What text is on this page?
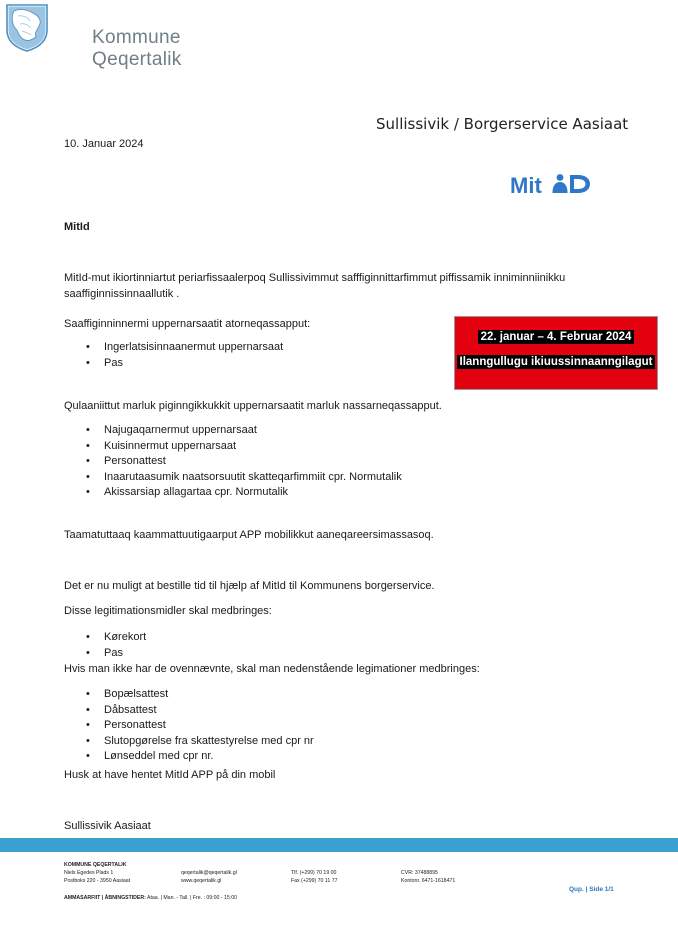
Kommune
Qeqertalik
Sullissivik / Borgerservice Aasiaat
10. Januar 2024
Mit
MitId
MitId-mut ikiortinniartut periarfissaalerpoq Sullissivimmut safffiginnittarfimmut piffissamik inniminniinikku saaffiginnissinnaallutik .
Saaffiginninnermi uppernarsaatit atorneqassapput:
• Ingerlatsisinnaanermut uppernarsaat
• Pas
22. januar – 4. Februar 2024
Ilanngullugu ikiuussinnaanngilagut
Qulaaniittut marluk piginngikkukkit uppernarsaatit marluk nassarneqassapput.
• Najugaqarnermut uppernarsaat
• Kuisinnermut uppernarsaat
• Personattest
• Inaarutaasumik naatsorsuutit skatteqarfimmiit cpr. Normutalik
• Akissarsiap allagartaa cpr. Normutalik
Taamatuttaaq kaammattuutigaarput APP mobilikkut aaneqareersimassasoq.
Det er nu muligt at bestille tid til hjælp af MitId til Kommunens borgerservice.
Disse legitimationsmidler skal medbringes:
• Kørekort
• Pas
Hvis man ikke har de ovennævnte, skal man nedenstående legimationer medbringes:
• Bopælsattest
• Dåbsattest
• Personattest
• Slutopgørelse fra skattestyrelse med cpr nr
• Lønseddel med cpr nr.
Husk at have hentet MitId APP på din mobil
Sullissivik Aasiaat
KOMMUNE QEQERTALIK
Niels Egedes Plads 1
Postboks 220 - 3950 Aasiaat
qeqertalik@qeqertalik.gl
www.qeqertalik.gl
Tlf. (+299) 70 19 00
Fax (+299) 70 11 77
CVR: 37488895
Kontonr. 6471-1618471
AMMASARFIIT | ÅBNINGSTIDER: Ataa. | Man. - Tall. | Fre. : 09:00 - 15:00
Qup. | Side 1/1
